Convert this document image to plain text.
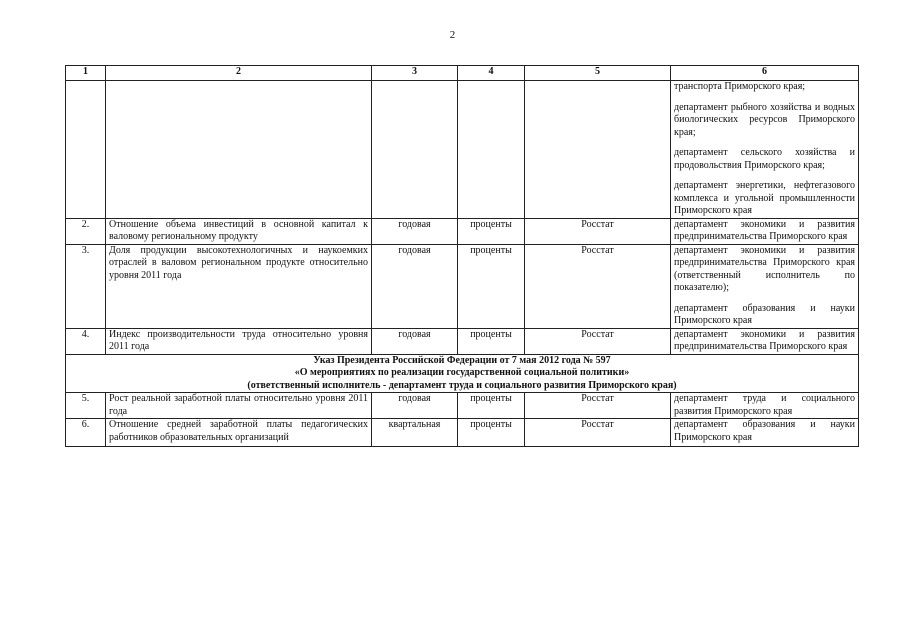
2
1	2	3	4	5	6

					транспорта Приморского края;
департамент рыбного хозяйства и водных биологических ресурсов Приморского края;
департамент сельского хозяйства и продовольствия Приморского края;
департамент энергетики, нефтегазового комплекса и угольной промышленности Приморского края

2.	Отношение объема инвестиций в основной капитал к валовому региональному продукту	годовая	проценты	Росстат	департамент экономики и развития предпринимательства Приморского края

3.	Доля продукции высокотехнологичных и наукоемких отраслей в валовом региональном продукте относительно уровня 2011 года	годовая	проценты	Росстат	департамент экономики и развития предпринимательства Приморского края (ответственный исполнитель по показателю);
департамент образования и науки Приморского края

4.	Индекс производительности труда относительно уровня 2011 года	годовая	проценты	Росстат	департамент экономики и развития предпринимательства Приморского края

Указ Президента Российской Федерации от 7 мая 2012 года № 597
«О мероприятиях по реализации государственной социальной политики»
(ответственный исполнитель - департамент труда и социального развития Приморского края)					

5.	Рост реальной заработной платы относительно уровня 2011 года	годовая	проценты	Росстат	департамент труда и социального развития Приморского края
6.	Отношение средней заработной платы педагогических работников образовательных организаций	квартальная	проценты	Росстат	департамент образования и науки Приморского края
